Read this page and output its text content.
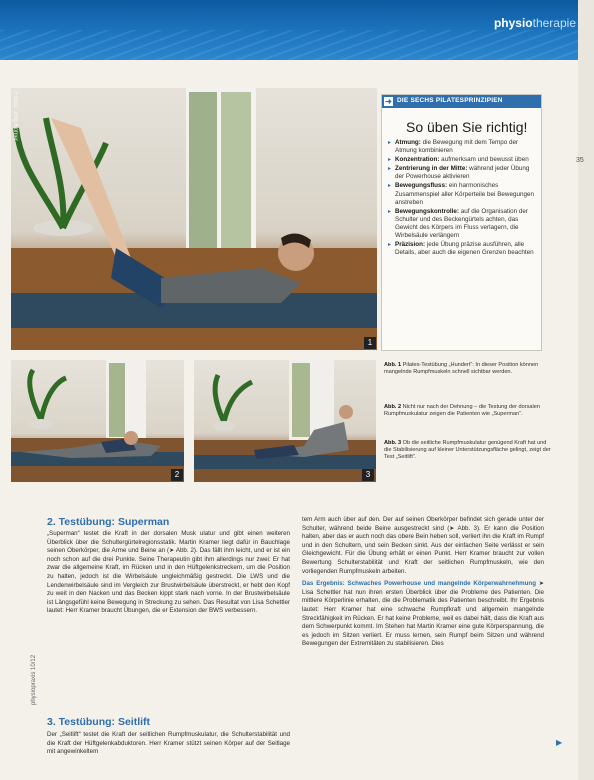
physiotherapie
35
Fotos: Jörg Köhler
1
2	3
➜ DIE SECHS PILATESPRINZIPIEN
So üben Sie richtig!
▸ Atmung: die Bewegung mit dem Tempo der Atmung kombinieren
▸ Konzentration: aufmerksam und bewusst üben
▸ Zentrierung in der Mitte: während jeder Übung der Powerhouse aktivieren
▸ Bewegungsfluss: ein harmonisches Zusammenspiel aller Körperteile bei Bewegungen anstreben
▸ Bewegungskontrolle: auf die Organisation der Schulter und des Beckengürtels achten, das Gewicht des Körpers im Fluss verlagern, die Wirbelsäule verlängern
▸ Präzision: jede Übung präzise ausführen, alle Details, aber auch die eigenen Grenzen beachten
Abb. 1 Pilates-Testübung „Hundert“: In dieser Position können mangelnde Rumpfmuskeln schnell sichtbar werden.
Abb. 2 Nicht nur nach der Dehnung – die Testung der dorsalen Rumpfmuskulatur zeigen die Patienten wie „Superman“.
Abb. 3 Ob die seitliche Rumpfmuskulatur genügend Kraft hat und die Stabilisierung auf kleiner Unterstützungsfläche gelingt, zeigt der Test „Seitlift“.
2. Testübung: Superman

„Superman“ testet die Kraft in der dorsalen Musk ulatur und gibt einen weiteren Überblick über die Schultergürtelregionsstatik. Martin Kramer liegt dafür in Bauchlage seinen Oberkörper, die Arme und Beine an (➤ Abb. 2). Das fällt ihm leicht, und er ist ein noch schon auf die drei Punkte. Seine Therapeutin gibt ihm allerdings nur zwei: Er hat zwar die allgemeine Kraft, im Rücken und in den Hüftgelenkstreckern, um die Position zu halten, jedoch ist die Wirbelsäule ungleichmäßig gestreckt. Die LWS und die Lendenwirbelsäule sind im Vergleich zur Brustwirbelsäule überstreckt, er hebt den Kopf zu weit in den Nacken und das Becken kippt stark nach vorne. In der Brustwirbelsäule ist Längsgefühl keine Bewegung in Streckung zu sehen. Das Resultat von Lisa Schettler lautet: Herr Kramer braucht Übungen, die er Extension der BWS verbessern.

3. Testübung: Seitlift

Der „Seitlift“ testet die Kraft der seitlichen Rumpfmuskulatur, die Schulterstabilität und die Kraft der Hüftgelenkabduktoren. Herr Kramer stützt seinen Körper auf der Seitlage mit angewinkeltem

tem Arm auch über auf den. Der auf seinen Oberkörper befindet sich gerade unter der Schulter, während beide Beine ausgestreckt sind (➤ Abb. 3). Er kann die Position halten, aber das er auch noch das obere Bein heben soll, verliert ihn die Kraft im Rumpf und in den Schultern, und sein Becken sinkt. Aus der einfachen Seite verlässt er sein Gleichgewicht. Für die Übung erhält er einen Punkt. Herr Kramer braucht zur vollen Bewertung Schulterstabilität und Kraft der seitlichen Rumpfmuskeln, wie den vorliegenden Rumpfmuskeln arbeiten.

Das Ergebnis: Schwaches Powerhouse und mangelnde Körperwahrnehmung ➤ Lisa Schettler hat nun ihren ersten Überblick über die Probleme des Patienten. Die mittlere Körperlinie erhalten, die die Problematik des Patienten beschreibt. Ihr Ergebnis lautet: Herr Kramer hat eine schwache Rumpfkraft und allgemein mangelnde Streckfähigkeit im Rücken. Er hat keine Probleme, weil es dabei hält, dass die Kraft aus dem Schwerpunkt kommt. Im Stehen hat Martin Kramer eine gute Körperspannung, die es jedoch im Sitzen verliert. Er muss lernen, sein Rumpf beim Sitzen und während Bewegungen der Extremitäten zu stabilisieren. Dies

▶
physiopraxis 10/12
